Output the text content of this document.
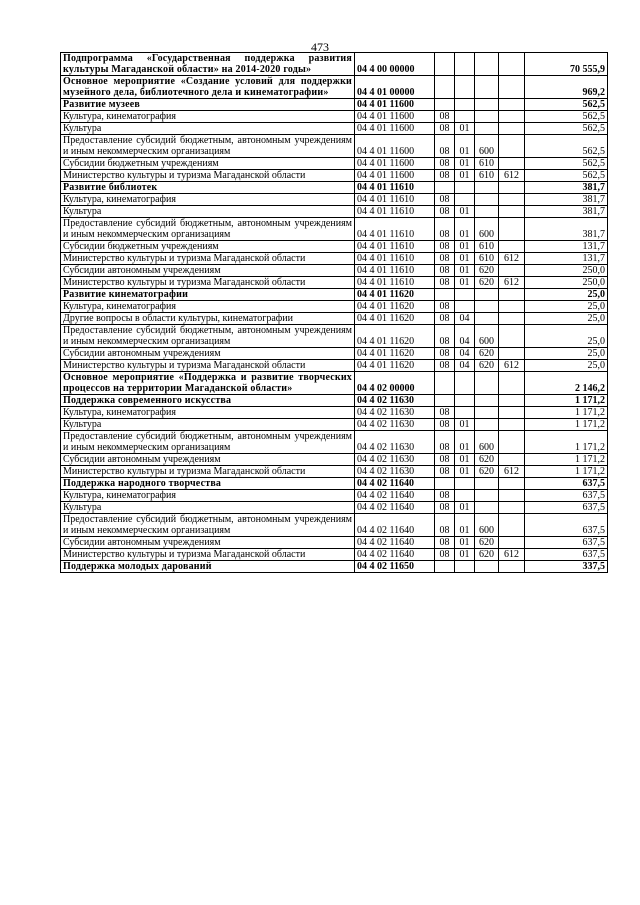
473
Подпрограмма «Государственная поддержка развития культуры Магаданской области» на 2014-2020 годы»	04 4 00 00000					70 555,9
Основное мероприятие «Создание условий для поддержки музейного дела, библиотечного дела и кинематографии»	04 4 01 00000					969,2
Развитие музеев	04 4 01 11600					562,5
Культура, кинематография	04 4 01 11600	08				562,5
Культура	04 4 01 11600	08	01			562,5
Предоставление субсидий бюджетным, автономным учреждениям и иным некоммерческим организациям	04 4 01 11600	08	01	600		562,5
Субсидии бюджетным учреждениям	04 4 01 11600	08	01	610		562,5
Министерство культуры и туризма Магаданской области	04 4 01 11600	08	01	610	612	562,5
Развитие библиотек	04 4 01 11610					381,7
Культура, кинематография	04 4 01 11610	08				381,7
Культура	04 4 01 11610	08	01			381,7
Предоставление субсидий бюджетным, автономным учреждениям и иным некоммерческим организациям	04 4 01 11610	08	01	600		381,7
Субсидии бюджетным учреждениям	04 4 01 11610	08	01	610		131,7
Министерство культуры и туризма Магаданской области	04 4 01 11610	08	01	610	612	131,7
Субсидии автономным учреждениям	04 4 01 11610	08	01	620		250,0
Министерство культуры и туризма Магаданской области	04 4 01 11610	08	01	620	612	250,0
Развитие кинематографии	04 4 01 11620					25,0
Культура, кинематография	04 4 01 11620	08				25,0
Другие вопросы в области культуры, кинематографии	04 4 01 11620	08	04			25,0
Предоставление субсидий бюджетным, автономным учреждениям и иным некоммерческим организациям	04 4 01 11620	08	04	600		25,0
Субсидии автономным учреждениям	04 4 01 11620	08	04	620		25,0
Министерство культуры и туризма Магаданской области	04 4 01 11620	08	04	620	612	25,0
Основное мероприятие «Поддержка и развитие творческих процессов на территории Магаданской области»	04 4 02 00000					2 146,2
Поддержка современного искусства	04 4 02 11630					1 171,2
Культура, кинематография	04 4 02 11630	08				1 171,2
Культура	04 4 02 11630	08	01			1 171,2
Предоставление субсидий бюджетным, автономным учреждениям и иным некоммерческим организациям	04 4 02 11630	08	01	600		1 171,2
Субсидии автономным учреждениям	04 4 02 11630	08	01	620		1 171,2
Министерство культуры и туризма Магаданской области	04 4 02 11630	08	01	620	612	1 171,2
Поддержка народного творчества	04 4 02 11640					637,5
Культура, кинематография	04 4 02 11640	08				637,5
Культура	04 4 02 11640	08	01			637,5
Предоставление субсидий бюджетным, автономным учреждениям и иным некоммерческим организациям	04 4 02 11640	08	01	600		637,5
Субсидии автономным учреждениям	04 4 02 11640	08	01	620		637,5
Министерство культуры и туризма Магаданской области	04 4 02 11640	08	01	620	612	637,5
Поддержка молодых дарований	04 4 02 11650					337,5
